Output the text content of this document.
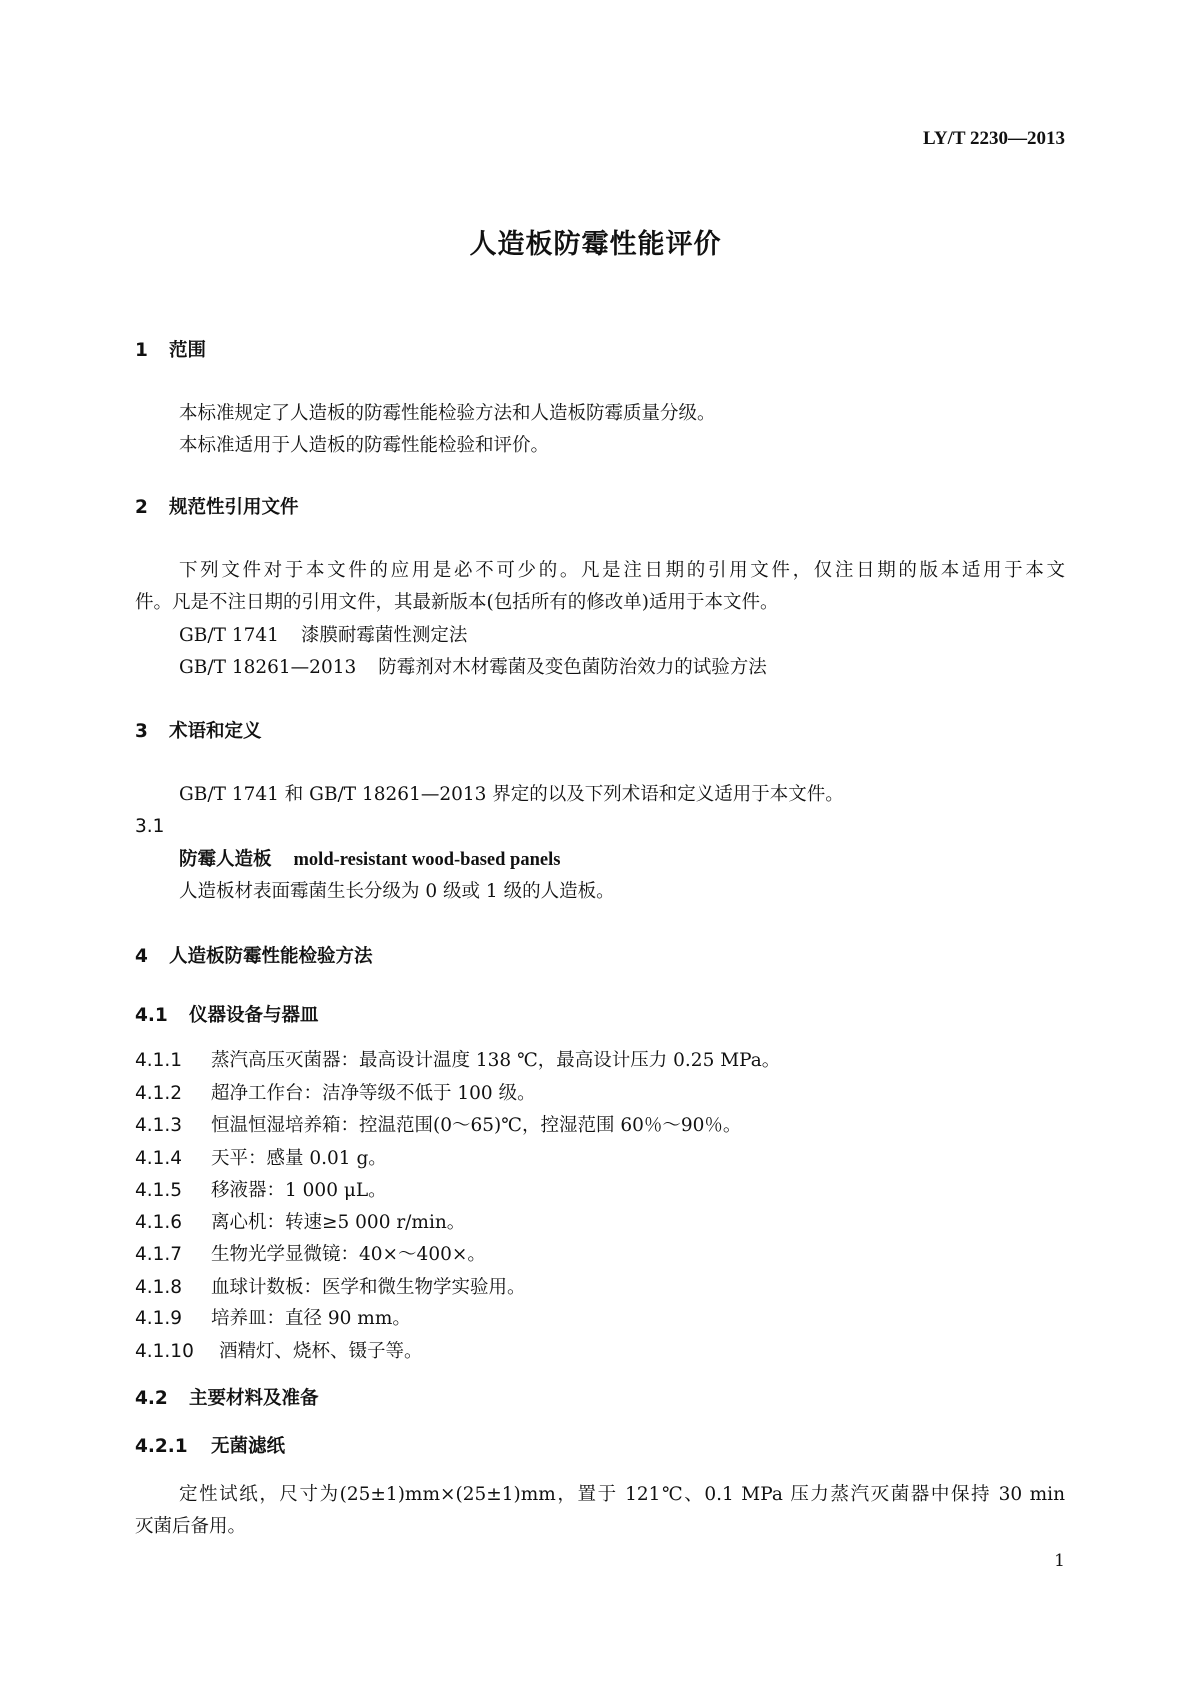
LY/T 2230—2013
人造板防霉性能评价
1 范围
本标准规定了人造板的防霉性能检验方法和人造板防霉质量分级。
本标准适用于人造板的防霉性能检验和评价。
2 规范性引用文件
下列文件对于本文件的应用是必不可少的。凡是注日期的引用文件，仅注日期的版本适用于本文
件。凡是不注日期的引用文件，其最新版本(包括所有的修改单)适用于本文件。
GB/T 1741 漆膜耐霉菌性测定法
GB/T 18261—2013 防霉剂对木材霉菌及变色菌防治效力的试验方法
3 术语和定义
GB/T 1741 和 GB/T 18261—2013 界定的以及下列术语和定义适用于本文件。
3.1
防霉人造板 mold-resistant wood-based panels
人造板材表面霉菌生长分级为 0 级或 1 级的人造板。
4 人造板防霉性能检验方法
4.1 仪器设备与器皿
4.1.1 蒸汽高压灭菌器：最高设计温度 138 ℃，最高设计压力 0.25 MPa。
4.1.2 超净工作台：洁净等级不低于 100 级。
4.1.3 恒温恒湿培养箱：控温范围(0～65)℃，控湿范围 60％～90％。
4.1.4 天平：感量 0.01 g。
4.1.5 移液器：1 000 μL。
4.1.6 离心机：转速≥5 000 r/min。
4.1.7 生物光学显微镜：40×～400×。
4.1.8 血球计数板：医学和微生物学实验用。
4.1.9 培养皿：直径 90 mm。
4.1.10 酒精灯、烧杯、镊子等。
4.2 主要材料及准备
4.2.1 无菌滤纸
定性试纸，尺寸为(25±1)mm×(25±1)mm，置于 121℃、0.1 MPa 压力蒸汽灭菌器中保持 30 min
灭菌后备用。
1
